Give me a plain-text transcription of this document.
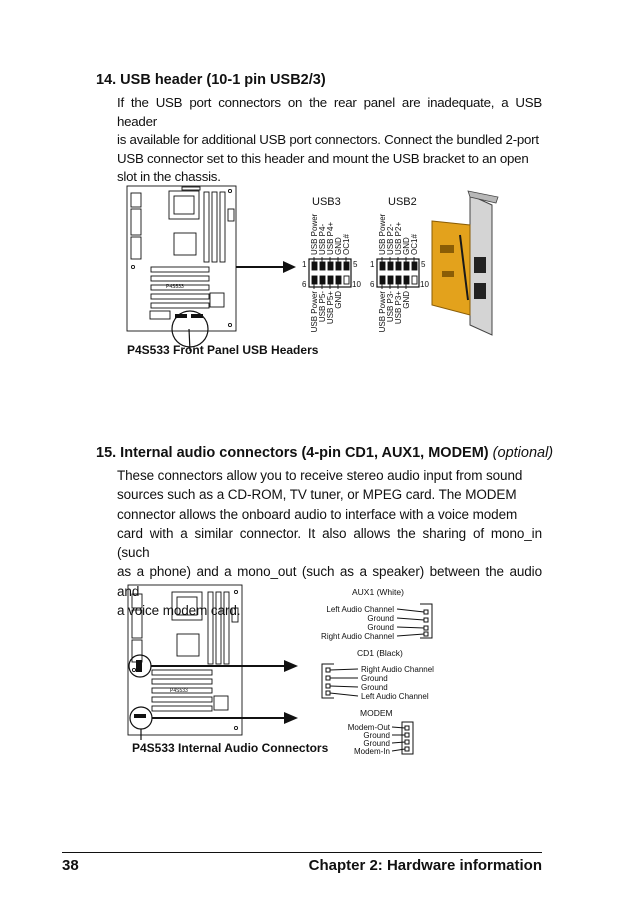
14. USB header (10-1 pin USB2/3)
If the USB port connectors on the rear panel are inadequate, a USB header
is available for additional USB port connectors. Connect the bundled 2-port
USB connector set to this header and mount the USB bracket to an open
slot in the chassis.
P4S533
USB3
1
6
5
10
USB Power USB P4- USB P4+ GND OC1#
USB Power USB P5- USB P5+ GND
USB2
1
6
5
10
USB Power USB P2- USB P2+ GND OC1#
USB Power USB P3- USB P3+ GND
P4S533 Front Panel USB Headers
15. Internal audio connectors (4-pin CD1, AUX1, MODEM) (optional)
These connectors allow you to receive stereo audio input from sound
sources such as a CD-ROM, TV tuner, or MPEG card. The MODEM
connector allows the onboard audio to interface with a voice modem
card with a similar connector. It also allows the sharing of mono_in (such
as a phone) and a mono_out (such as a speaker) between the audio and
a voice modem card.
P4S533
AUX1 (White)
Left Audio Channel
Ground
Ground
Right Audio Channel
CD1 (Black)
Right Audio Channel
Ground
Ground
Left Audio Channel
MODEM
Modem-Out
Ground
Ground
Modem-In
P4S533 Internal Audio Connectors
38	Chapter 2: Hardware information
